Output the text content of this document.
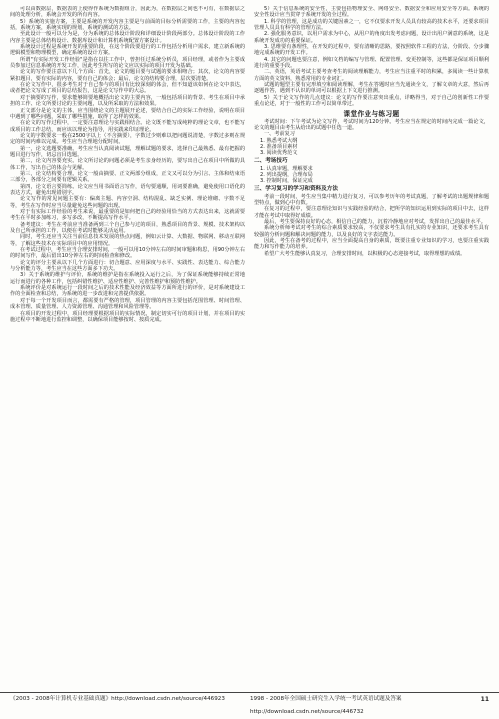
可以由数据层，数据表的上使得作系统为数据组合，因此为，在数据层之间也不可有，在数据层之间的处理分析，系统会开发的所有内容。

5）系统的实施方案，主要是系统的开发内容主要是与前面的目标分析需要的工作，主要的内容包括，系统方案，系统实现的规划，系统的测试的方法。

至此设计一般可以分为是，分为系统的总体设计阶段和详细设计阶段两部分。总体设计阶段的工作内容主要是总体结构设计、数据库设计和计算机系统配置方案设计。

系统设计过程是系统开发的重要阶段，在这个阶段要进行的工作包括分析用户需求，建立新系统的逻辑模型和物理模型，确定系统的设计方案。

所谓"有实际开发工作经验"是指在以往工作中，曾担任过系统分析员，项目经理，或者作为主要成员参加过信息系统的开发工作，因此考生所写的论文应以实际的项目开发为基础。

论文的写作要注意以下几个方面：首先，论文的题目要与试题的要求相吻合；其次，论文的内容要紧扣题目，要有实际的内容，要有自己的体会；最后，论文的结构要合理，层次要清楚。

在论文写作中，很多考生对于自己参与的项目有比较深刻的体会，但不知道该如何在论文中表达，或者把论文写成了项目的总结报告，这是论文写作中的大忌。

对于摘要的写作，要求能够简要地概括出论文的主要内容，一般包括项目的背景、考生在项目中承担的工作、论文所要讨论的主要问题，以及所采取的方法和效果。

正文部分是论文的主体，应当围绕论文的主题展开论述，要结合自己的实际工作经验，说明在项目中遇到了哪些问题，采取了哪些措施，取得了怎样的效果。

在论文的写作过程中，一定要注意理论与实践相结合。论文既不能写成纯粹的理论文章，也不能写成项目的工作总结，而应该以理论为指导，用实践来印证理论。

论文的字数要求一般在2500字以上（不含摘要），字数过少则难以把问题说清楚，字数过多则在规定的时间内难以完成。考生应当合理地分配时间。

第一，论文选题要准确。考生应当认真阅读试题，理解试题的要求，选择自己最熟悉、最有把握的题目进行写作，切忌盲目选题。

第二，论文内容要充实。论文所讨论的问题必须是考生亲身经历的，要写出自己在项目中所做的具体工作，写出自己的体会与见解。

第三，论文结构要合理。论文一般由摘要、正文两部分组成，正文又可以分为引言、主体和结束语三部分，各部分之间要有逻辑关系。

第四，论文语言要简练。论文应当用书面语言写作，语句要通顺，用词要准确，避免使用口语化的表达方式，避免出现错别字。

论文写作的常见问题主要有：偏离主题、内容空洞、结构混乱、缺乏实例、理论堆砌、字数不足等，考生在写作时应当尽量避免这些问题的出现。

对于有实际工作经验的考生来说，最重要的是如何把自己的经验用恰当的方式表达出来，这就需要考生在平时多加练习，多写多改，不断提高写作水平。

备考建议：考生在考前应当准备两到三个自己参与过的项目，熟悉项目的背景、规模、技术架构以及自己所承担的工作，以便在考试时能够灵活运用。

同时，考生还应当关注当前信息技术发展的热点问题，例如云计算、大数据、物联网、移动互联网等，了解这些技术在实际项目中的应用情况。

在考试过程中，考生应当合理安排时间，一般可以用10分钟左右的时间审题和构思，用90分钟左右的时间写作，最后留出10分钟左右的时间检查和修改。

论文的评分主要从以下几个方面进行：切合题意、应用深度与水平、实践性、表达能力、综合能力与分析能力等，考生应当在这些方面多下功夫。

3）关于系统的维护与评价，系统的维护是指在系统投入运行之后，为了保证系统能够持续正常地运行而进行的各种工作，包括纠错性维护、适应性维护、完善性维护和预防性维护。

系统评价是对系统运行一段时间之后的技术性能及经济效益等方面所进行的评价，是对系统建设工作的全面检查和总结，为系统的进一步改进和完善提供依据。

对于每一个开发项目而言，都需要有严格的管理，项目管理的内容主要包括范围管理、时间管理、成本管理、质量管理、人力资源管理、沟通管理和风险管理等。

在项目的开发过程中，项目经理要根据项目的实际情况，制定切实可行的项目计划，并在项目的实施过程中不断地进行监控和调整，以确保项目能够按时、按质完成。

5）关于信息系统的安全性，主要包括物理安全、网络安全、数据安全和应用安全等方面。系统的安全性设计应当贯穿于系统开发的全过程。

1. 科学的管理，这是成功的关键因素之一，它不仅要求开发人员具有较高的技术水平，还要求项目管理人员具有科学的管理方法。

2. 强化服务意识，以用户需求为中心，从用户的角度出发考虑问题，设计出用户满意的系统，这是系统开发成功的重要保证。

3. 思维要有条理性，在开发的过程中，要有清晰的思路，要按照软件工程的方法，分阶段、分步骤地完成系统的开发工作。

4. 其它的问题也要注意，例如文档的编写与管理、配置管理、变更控制等，这些都是保证项目顺利进行的重要手段。

二、英语，英语考试主要考查考生的阅读理解能力，考生应当注重平时的积累，多阅读一些计算机方面的英文资料，熟悉常用的专业词汇。

试题的题型主要有完形填空和阅读理解，考生在答题时应当先通读全文，了解文章的大意，然后再逐题作答，遇到不认识的单词可以根据上下文进行推测。

5）关于论文写作的几点建议：论文的写作要注意突出重点，详略得当，对于自己的创新性工作要重点论述，对于一般性的工作可以简单带过。

课堂作业与练习题

考试时间：下午考试为论文写作，考试时间为120分钟。考生应当在规定的时间内完成一篇论文，论文的题目由考生从给出的试题中任选一道。

一、考前复习

1. 熟悉考试大纲
2. 准备项目素材
3. 阅读优秀范文
二、考场技巧
1. 认真审题，理解要求
2. 列出提纲，合理布局
3. 控制时间，保证完成
三、学习复习的学习和资料及方法

考前一段时间，考生应当集中精力进行复习，可以参考历年的考试真题，了解考试的出题规律和题型特点，做到心中有数。

在复习的过程中，要注意理论知识与实践经验的结合，把所学的知识运用到实际的项目中去，这样才能在考试中取得好成绩。

最后，考生要保持良好的心态，相信自己的能力，沉着冷静地应对考试，发挥出自己的最佳水平。

系统分析师考试对考生的综合素质要求较高，不仅要求考生具有扎实的专业知识，还要求考生具有较强的分析问题和解决问题的能力，以及良好的文字表达能力。

因此，考生在备考的过程中，应当全面提高自身的素质，既要注重专业知识的学习，也要注重实践能力和写作能力的培养。

希望广大考生能够认真复习，合理安排时间，以积极的心态迎接考试，取得理想的成绩。

《2003 - 2008年计算机专业基础真题》http://download.csdn.net/source/446923	1998 - 2008年全国硕士研究生入学统一考试英语试题及答案 http://download.csdn.net/source/446732
11
